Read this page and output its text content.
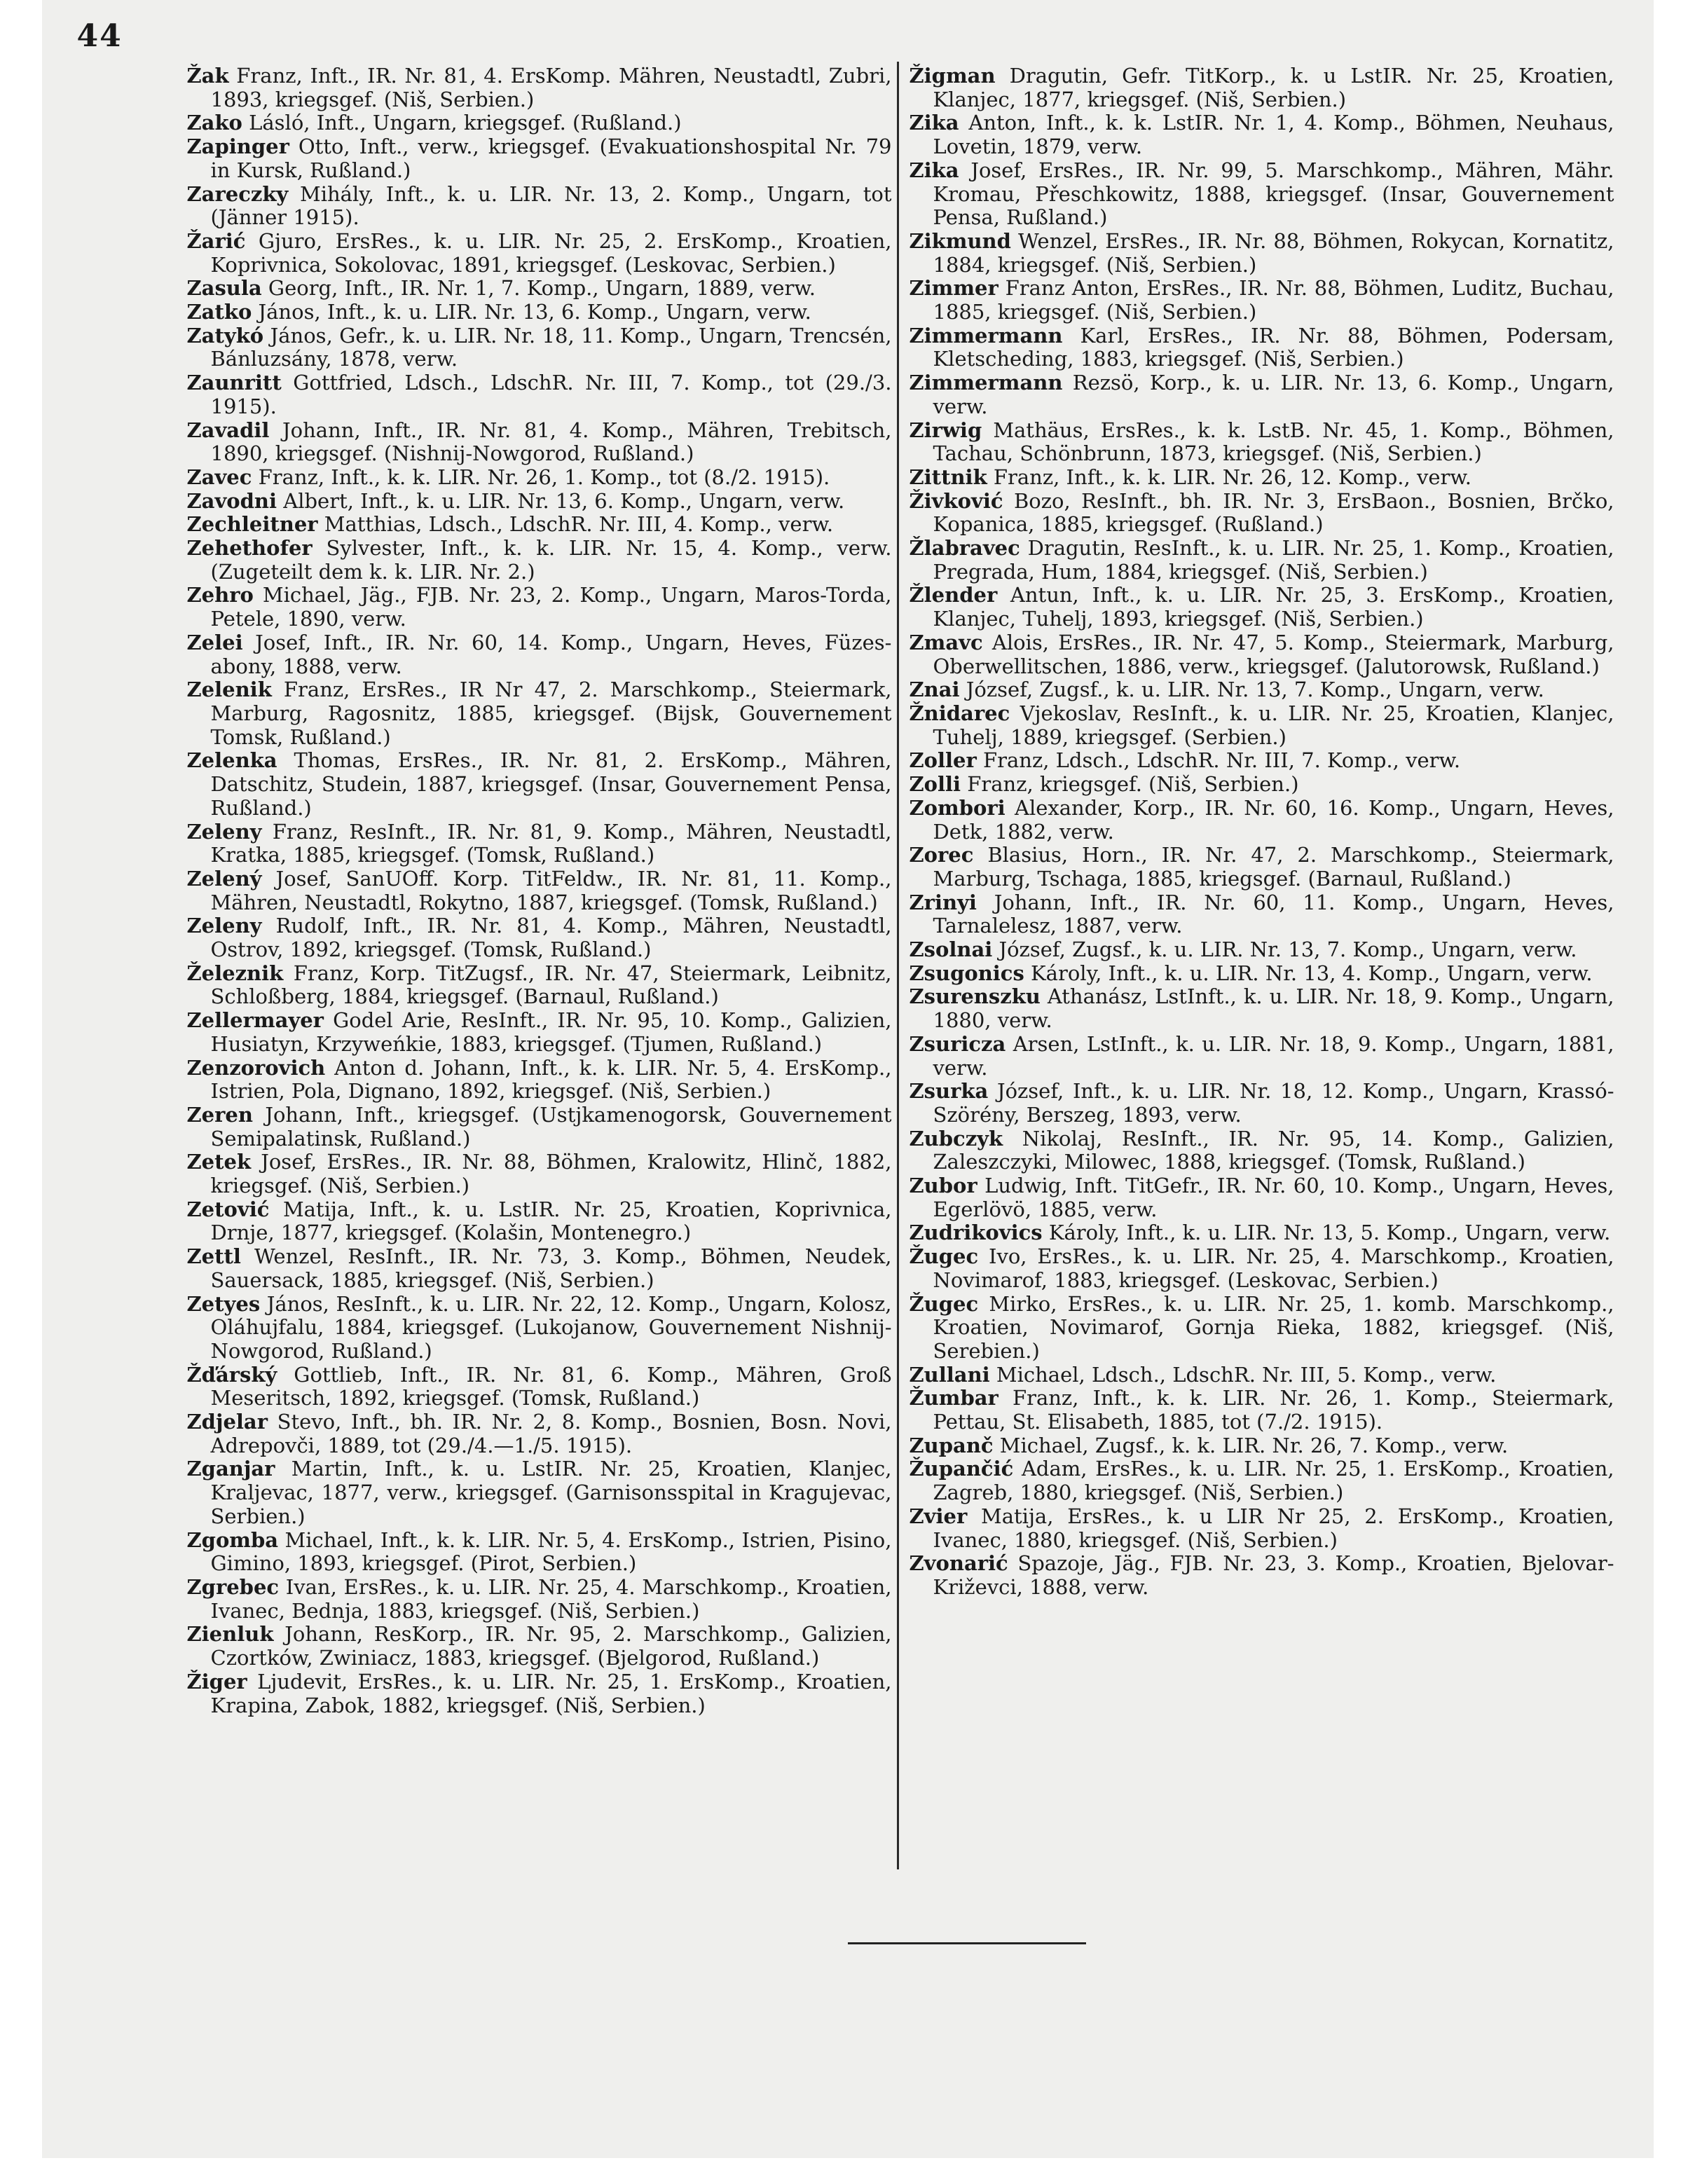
44

Žak Franz, Inft., IR. Nr. 81, 4. ErsKomp. Mähren, Neustadtl, Zubri, 1893, kriegsgef. (Niš, Serbien.)

Zako Lásló, Inft., Ungarn, kriegsgef. (Rußland.)

Zapinger Otto, Inft., verw., kriegsgef. (Evakuationshospital Nr. 79 in Kursk, Rußland.)

Zareczky Mihály, Inft., k. u. LIR. Nr. 13, 2. Komp., Ungarn, tot (Jänner 1915).

Žarić Gjuro, ErsRes., k. u. LIR. Nr. 25, 2. ErsKomp., Kroatien, Koprivnica, Sokolovac, 1891, kriegsgef. (Leskovac, Serbien.)

Zasula Georg, Inft., IR. Nr. 1, 7. Komp., Ungarn, 1889, verw.

Zatko János, Inft., k. u. LIR. Nr. 13, 6. Komp., Ungarn, verw.

Zatykó János, Gefr., k. u. LIR. Nr. 18, 11. Komp., Ungarn, Trencsén, Bánluzsány, 1878, verw.

Zaunritt Gottfried, Ldsch., LdschR. Nr. III, 7. Komp., tot (29./3. 1915).

Zavadil Johann, Inft., IR. Nr. 81, 4. Komp., Mähren, Trebitsch, 1890, kriegsgef. (Nishnij-Nowgorod, Rußland.)

Zavec Franz, Inft., k. k. LIR. Nr. 26, 1. Komp., tot (8./2. 1915).

Zavodni Albert, Inft., k. u. LIR. Nr. 13, 6. Komp., Ungarn, verw.

Zechleitner Matthias, Ldsch., LdschR. Nr. III, 4. Komp., verw.

Zehethofer Sylvester, Inft., k. k. LIR. Nr. 15, 4. Komp., verw. (Zugeteilt dem k. k. LIR. Nr. 2.)

Zehro Michael, Jäg., FJB. Nr. 23, 2. Komp., Ungarn, Maros-Torda, Petele, 1890, verw.

Zelei Josef, Inft., IR. Nr. 60, 14. Komp., Ungarn, Heves, Füzes-abony, 1888, verw.

Zelenik Franz, ErsRes., IR Nr 47, 2. Marschkomp., Steiermark, Marburg, Ragosnitz, 1885, kriegsgef. (Bijsk, Gouvernement Tomsk, Rußland.)

Zelenka Thomas, ErsRes., IR. Nr. 81, 2. ErsKomp., Mähren, Datschitz, Studein, 1887, kriegsgef. (Insar, Gouvernement Pensa, Rußland.)

Zeleny Franz, ResInft., IR. Nr. 81, 9. Komp., Mähren, Neustadtl, Kratka, 1885, kriegsgef. (Tomsk, Rußland.)

Zelený Josef, SanUOff. Korp. TitFeldw., IR. Nr. 81, 11. Komp., Mähren, Neustadtl, Rokytno, 1887, kriegsgef. (Tomsk, Rußland.)

Zeleny Rudolf, Inft., IR. Nr. 81, 4. Komp., Mähren, Neustadtl, Ostrov, 1892, kriegsgef. (Tomsk, Rußland.)

Železnik Franz, Korp. TitZugsf., IR. Nr. 47, Steiermark, Leibnitz, Schloßberg, 1884, kriegsgef. (Barnaul, Rußland.)

Zellermayer Godel Arie, ResInft., IR. Nr. 95, 10. Komp., Galizien, Husiatyn, Krzyweńkie, 1883, kriegsgef. (Tjumen, Rußland.)

Zenzorovich Anton d. Johann, Inft., k. k. LIR. Nr. 5, 4. ErsKomp., Istrien, Pola, Dignano, 1892, kriegsgef. (Niš, Serbien.)

Zeren Johann, Inft., kriegsgef. (Ustjkamenogorsk, Gouvernement Semipalatinsk, Rußland.)

Zetek Josef, ErsRes., IR. Nr. 88, Böhmen, Kralowitz, Hlinč, 1882, kriegsgef. (Niš, Serbien.)

Zetović Matija, Inft., k. u. LstIR. Nr. 25, Kroatien, Koprivnica, Drnje, 1877, kriegsgef. (Kolašin, Montenegro.)

Zettl Wenzel, ResInft., IR. Nr. 73, 3. Komp., Böhmen, Neudek, Sauersack, 1885, kriegsgef. (Niš, Serbien.)

Zetyes János, ResInft., k. u. LIR. Nr. 22, 12. Komp., Ungarn, Kolosz, Oláhujfalu, 1884, kriegsgef. (Lukojanow, Gouvernement Nishnij-Nowgorod, Rußland.)

Žďárský Gottlieb, Inft., IR. Nr. 81, 6. Komp., Mähren, Groß Meseritsch, 1892, kriegsgef. (Tomsk, Rußland.)

Zdjelar Stevo, Inft., bh. IR. Nr. 2, 8. Komp., Bosnien, Bosn. Novi, Adrepovči, 1889, tot (29./4.—1./5. 1915).

Zganjar Martin, Inft., k. u. LstIR. Nr. 25, Kroatien, Klanjec, Kraljevac, 1877, verw., kriegsgef. (Garnisonsspital in Kragujevac, Serbien.)

Zgomba Michael, Inft., k. k. LIR. Nr. 5, 4. ErsKomp., Istrien, Pisino, Gimino, 1893, kriegsgef. (Pirot, Serbien.)

Zgrebec Ivan, ErsRes., k. u. LIR. Nr. 25, 4. Marschkomp., Kroatien, Ivanec, Bednja, 1883, kriegsgef. (Niš, Serbien.)

Zienluk Johann, ResKorp., IR. Nr. 95, 2. Marschkomp., Galizien, Czortków, Zwiniacz, 1883, kriegsgef. (Bjelgorod, Rußland.)

Žiger Ljudevit, ErsRes., k. u. LIR. Nr. 25, 1. ErsKomp., Kroatien, Krapina, Zabok, 1882, kriegsgef. (Niš, Serbien.)

Žigman Dragutin, Gefr. TitKorp., k. u LstIR. Nr. 25, Kroatien, Klanjec, 1877, kriegsgef. (Niš, Serbien.)

Zika Anton, Inft., k. k. LstIR. Nr. 1, 4. Komp., Böhmen, Neuhaus, Lovetin, 1879, verw.

Zika Josef, ErsRes., IR. Nr. 99, 5. Marschkomp., Mähren, Mähr. Kromau, Přeschkowitz, 1888, kriegsgef. (Insar, Gouvernement Pensa, Rußland.)

Zikmund Wenzel, ErsRes., IR. Nr. 88, Böhmen, Rokycan, Kornatitz, 1884, kriegsgef. (Niš, Serbien.)

Zimmer Franz Anton, ErsRes., IR. Nr. 88, Böhmen, Luditz, Buchau, 1885, kriegsgef. (Niš, Serbien.)

Zimmermann Karl, ErsRes., IR. Nr. 88, Böhmen, Podersam, Kletscheding, 1883, kriegsgef. (Niš, Serbien.)

Zimmermann Rezsö, Korp., k. u. LIR. Nr. 13, 6. Komp., Ungarn, verw.

Zirwig Mathäus, ErsRes., k. k. LstB. Nr. 45, 1. Komp., Böhmen, Tachau, Schönbrunn, 1873, kriegsgef. (Niš, Serbien.)

Zittnik Franz, Inft., k. k. LIR. Nr. 26, 12. Komp., verw.

Živković Bozo, ResInft., bh. IR. Nr. 3, ErsBaon., Bosnien, Brčko, Kopanica, 1885, kriegsgef. (Rußland.)

Žlabravec Dragutin, ResInft., k. u. LIR. Nr. 25, 1. Komp., Kroatien, Pregrada, Hum, 1884, kriegsgef. (Niš, Serbien.)

Žlender Antun, Inft., k. u. LIR. Nr. 25, 3. ErsKomp., Kroatien, Klanjec, Tuhelj, 1893, kriegsgef. (Niš, Serbien.)

Zmavc Alois, ErsRes., IR. Nr. 47, 5. Komp., Steiermark, Marburg, Oberwellitschen, 1886, verw., kriegsgef. (Jalutorowsk, Rußland.)

Znai József, Zugsf., k. u. LIR. Nr. 13, 7. Komp., Ungarn, verw.

Žnidarec Vjekoslav, ResInft., k. u. LIR. Nr. 25, Kroatien, Klanjec, Tuhelj, 1889, kriegsgef. (Serbien.)

Zoller Franz, Ldsch., LdschR. Nr. III, 7. Komp., verw.

Zolli Franz, kriegsgef. (Niš, Serbien.)

Zombori Alexander, Korp., IR. Nr. 60, 16. Komp., Ungarn, Heves, Detk, 1882, verw.

Zorec Blasius, Horn., IR. Nr. 47, 2. Marschkomp., Steiermark, Marburg, Tschaga, 1885, kriegsgef. (Barnaul, Rußland.)

Zrinyi Johann, Inft., IR. Nr. 60, 11. Komp., Ungarn, Heves, Tarnalelesz, 1887, verw.

Zsolnai József, Zugsf., k. u. LIR. Nr. 13, 7. Komp., Ungarn, verw.

Zsugonics Károly, Inft., k. u. LIR. Nr. 13, 4. Komp., Ungarn, verw.

Zsurenszku Athanász, LstInft., k. u. LIR. Nr. 18, 9. Komp., Ungarn, 1880, verw.

Zsuricza Arsen, LstInft., k. u. LIR. Nr. 18, 9. Komp., Ungarn, 1881, verw.

Zsurka József, Inft., k. u. LIR. Nr. 18, 12. Komp., Ungarn, Krassó-Szörény, Berszeg, 1893, verw.

Zubczyk Nikolaj, ResInft., IR. Nr. 95, 14. Komp., Galizien, Zaleszczyki, Milowec, 1888, kriegsgef. (Tomsk, Rußland.)

Zubor Ludwig, Inft. TitGefr., IR. Nr. 60, 10. Komp., Ungarn, Heves, Egerlövö, 1885, verw.

Zudrikovics Károly, Inft., k. u. LIR. Nr. 13, 5. Komp., Ungarn, verw.

Žugec Ivo, ErsRes., k. u. LIR. Nr. 25, 4. Marschkomp., Kroatien, Novimarof, 1883, kriegsgef. (Leskovac, Serbien.)

Žugec Mirko, ErsRes., k. u. LIR. Nr. 25, 1. komb. Marschkomp., Kroatien, Novimarof, Gornja Rieka, 1882, kriegsgef. (Niš, Serebien.)

Zullani Michael, Ldsch., LdschR. Nr. III, 5. Komp., verw.

Žumbar Franz, Inft., k. k. LIR. Nr. 26, 1. Komp., Steiermark, Pettau, St. Elisabeth, 1885, tot (7./2. 1915).

Zupanč Michael, Zugsf., k. k. LIR. Nr. 26, 7. Komp., verw.

Župančić Adam, ErsRes., k. u. LIR. Nr. 25, 1. ErsKomp., Kroatien, Zagreb, 1880, kriegsgef. (Niš, Serbien.)

Zvier Matija, ErsRes., k. u LIR Nr 25, 2. ErsKomp., Kroatien, Ivanec, 1880, kriegsgef. (Niš, Serbien.)

Zvonarić Spazoje, Jäg., FJB. Nr. 23, 3. Komp., Kroatien, Bjelovar-Križevci, 1888, verw.
